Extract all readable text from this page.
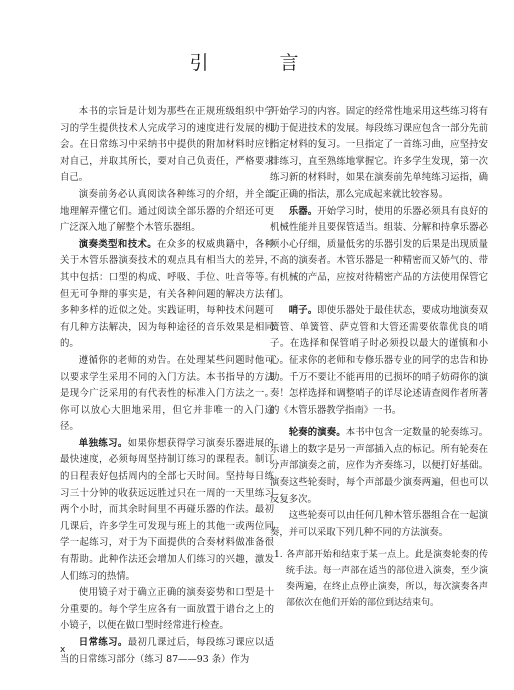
引　言

本书的宗旨是计划为那些在正规班级组织中学习的学生提供技术人完成学习的速度进行发展的机会。在日常练习中采纳书中提供的附加材料时应针对自己，并取其所长，要对自己负责任，严格要求自己。

演奏前务必认真阅读各种练习的介绍，并全部地理解弄懂它们。通过阅读全部乐器的介绍还可更广泛深入地了解整个木管乐器组。

演奏类型和技术。在众多的权威典籍中，各种关于木管乐器演奏技术的观点具有相当大的差异，其中包括：口型的构成、呼吸、手位、吐音等等。但无可争辩的事实是，有关各种问题的解决方法有多种多样的近似之处。实践证明，每种技术问题可有几种方法解决，因为每种途径的音乐效果是相同的。

遵循你的老师的劝告。在处理某些问题时他可以要求学生采用不同的入门方法。本书指导的方法是现今广泛采用的有代表性的标准入门方法之一。你可以放心大胆地采用，但它并非唯一的入门途径。

单独练习。如果你想获得学习演奏乐器进展的最快速度，必须每周坚持制订练习的课程表。制订的日程表好包括周内的全部七天时间。坚持每日练习三十分钟的收获远远胜过只在一周的一天里练习两个小时，而其余时间里不再碰乐器的作法。最初几课后，许多学生可发现与班上的其他一或两位同学一起练习，对于为下面提供的合奏材料做准备很有帮助。此种作法还会增加人们练习的兴趣，激发人们练习的热情。

使用镜子对于确立正确的演奏姿势和口型是十分重要的。每个学生应各有一面放置于谱台之上的小镜子，以便在做口型时经常进行检查。

日常练习。最初几课过后，每段练习课应以适当的日常练习部分（练习 87——93 条）作为

开始学习的内容。固定的经常性地采用这些练习将有助于促进技术的发展。每段练习课应包含一部分先前指定材料的复习。一旦指定了一首练习曲，应坚持安排练习，直至熟练地掌握它。许多学生发现，第一次练习新的材料时，如果在演奏前先单纯练习运指，确定正确的指法，那么完成起来就比较容易。

乐器。开始学习时，使用的乐器必须具有良好的机械性能并且要保管适当。组装、分解和持拿乐器必须小心仔细，质量低劣的乐器引发的后果是出现质量不高的演奏者。木管乐器是一种精密而又娇气的、带有机械的产品，应按对待精密产品的方法使用保管它们。

哨子。即使乐器处于最佳状态，要成功地演奏双簧管、单簧管、萨克管和大管还需要依靠优良的哨子。在选择和保管哨子时必须投以最大的谨慎和小心。征求你的老师和专修乐器专业的同学的忠告和协助。千万不要让不能再用的已损坏的哨子妨碍你的演奏！怎样选择和调整哨子的详尽论述请查阅作者所著的《木管乐器教学指南》一书。

轮奏的演奏。本书中包含一定数量的轮奏练习。乐谱上的数字是另一声部插入点的标记。所有轮奏在分声部演奏之前，应作为齐奏练习，以便打好基础。演奏这些轮奏时，每个声部最少演奏两遍，但也可以反复多次。

这些轮奏可以由任何几种木管乐器组合在一起演奏，并可以采取下列几种不同的方法演奏。

1. 各声部开始和结束于某一点上。此是演奏轮奏的传统手法。每一声部在适当的部位进入演奏，至少演奏两遍，在终止点停止演奏，所以，每次演奏各声部依次在他们开始的部位到达结束句。

x
